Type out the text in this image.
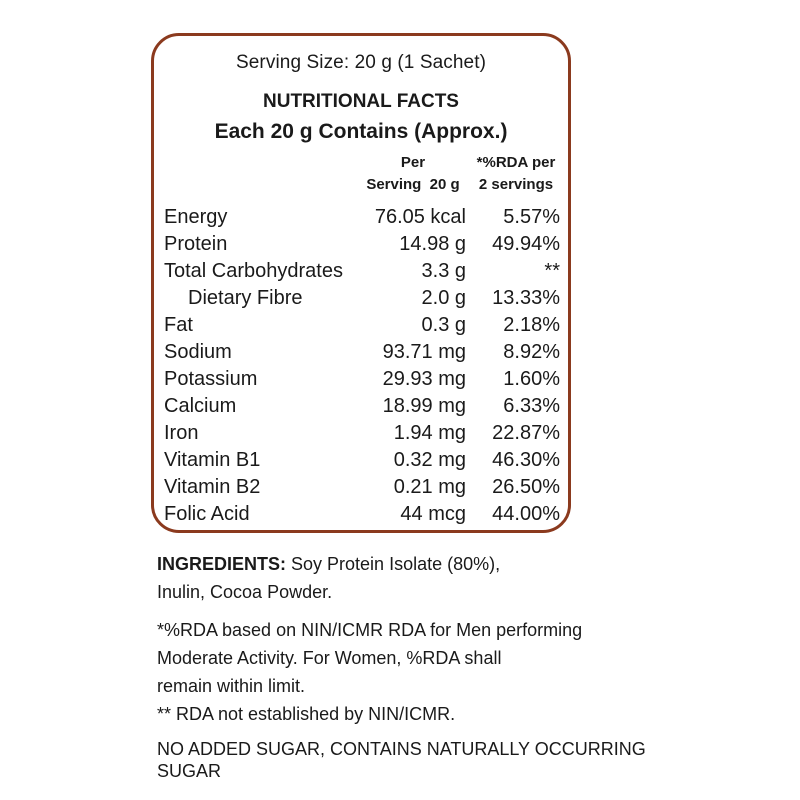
Serving Size: 20 g (1 Sachet)
NUTRITIONAL FACTS
Each 20 g Contains (Approx.)
Per
Serving  20 g
*%RDA per
2 servings
Energy	76.05 kcal 5.57%
Protein	14.98 g 49.94%
Total Carbohydrates	3.3 g	**
Dietary Fibre	2.0 g 13.33%
Fat	0.3 g 2.18%
Sodium	93.71 mg 8.92%
Potassium	29.93 mg 1.60%
Calcium	18.99 mg 6.33%
Iron	1.94 mg 22.87%
Vitamin B1	0.32 mg 46.30%
Vitamin B2	0.21 mg 26.50%
Folic Acid	44 mcg 44.00%
INGREDIENTS: Soy Protein Isolate (80%),
Inulin, Cocoa Powder.
*%RDA based on NIN/ICMR RDA for Men performing
Moderate Activity. For Women, %RDA shall
remain within limit.
** RDA not established by NIN/ICMR.
NO ADDED SUGAR, CONTAINS NATURALLY OCCURRING
SUGAR
